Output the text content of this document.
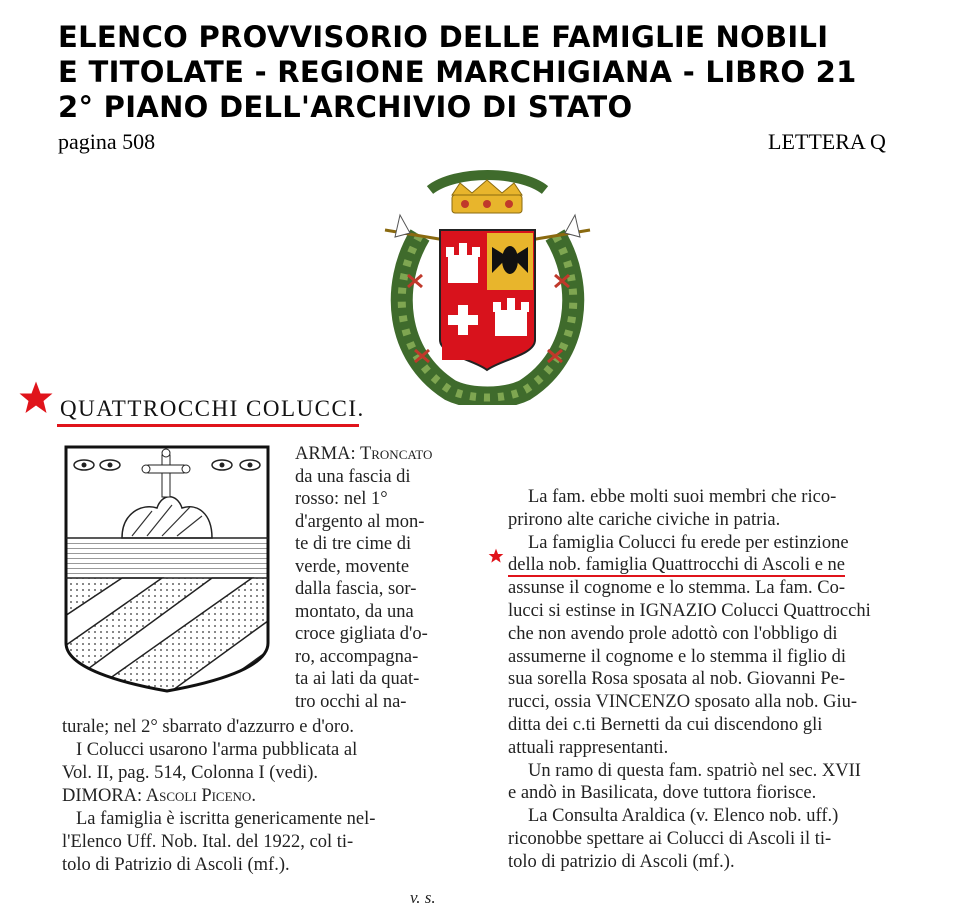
ELENCO PROVVISORIO DELLE FAMIGLIE NOBILI
E TITOLATE - REGIONE MARCHIGIANA - LIBRO 21
2° PIANO DELL'ARCHIVIO DI STATO
pagina 508	LETTERA Q
QUATTROCCHI COLUCCI.
ARMA: Troncato
da una fascia di
rosso: nel 1°
d'argento al mon-
te di tre cime di
verde, movente
dalla fascia, sor-
montato, da una
croce gigliata d'o-
ro, accompagna-
ta ai lati da quat-
tro occhi al na-
turale; nel 2° sbarrato d'azzurro e d'oro.
I Colucci usarono l'arma pubblicata al
Vol. II, pag. 514, Colonna I (vedi).
DIMORA: Ascoli Piceno.
La famiglia è iscritta genericamente nel-
l'Elenco Uff. Nob. Ital. del 1922, col ti-
tolo di Patrizio di Ascoli (mf.).
La fam. ebbe molti suoi membri che rico-
prirono alte cariche civiche in patria.
La famiglia Colucci fu erede per estinzione
della nob. famiglia Quattrocchi di Ascoli e ne
assunse il cognome e lo stemma. La fam. Co-
lucci si estinse in IGNAZIO Colucci Quattrocchi
che non avendo prole adottò con l'obbligo di
assumerne il cognome e lo stemma il figlio di
sua sorella Rosa sposata al nob. Giovanni Pe-
rucci, ossia VINCENZO sposato alla nob. Giu-
ditta dei c.ti Bernetti da cui discendono gli
attuali rappresentanti.
Un ramo di questa fam. spatriò nel sec. XVII
e andò in Basilicata, dove tuttora fiorisce.
La Consulta Araldica (v. Elenco nob. uff.)
riconobbe spettare ai Colucci di Ascoli il ti-
tolo di patrizio di Ascoli (mf.).
v. s.
